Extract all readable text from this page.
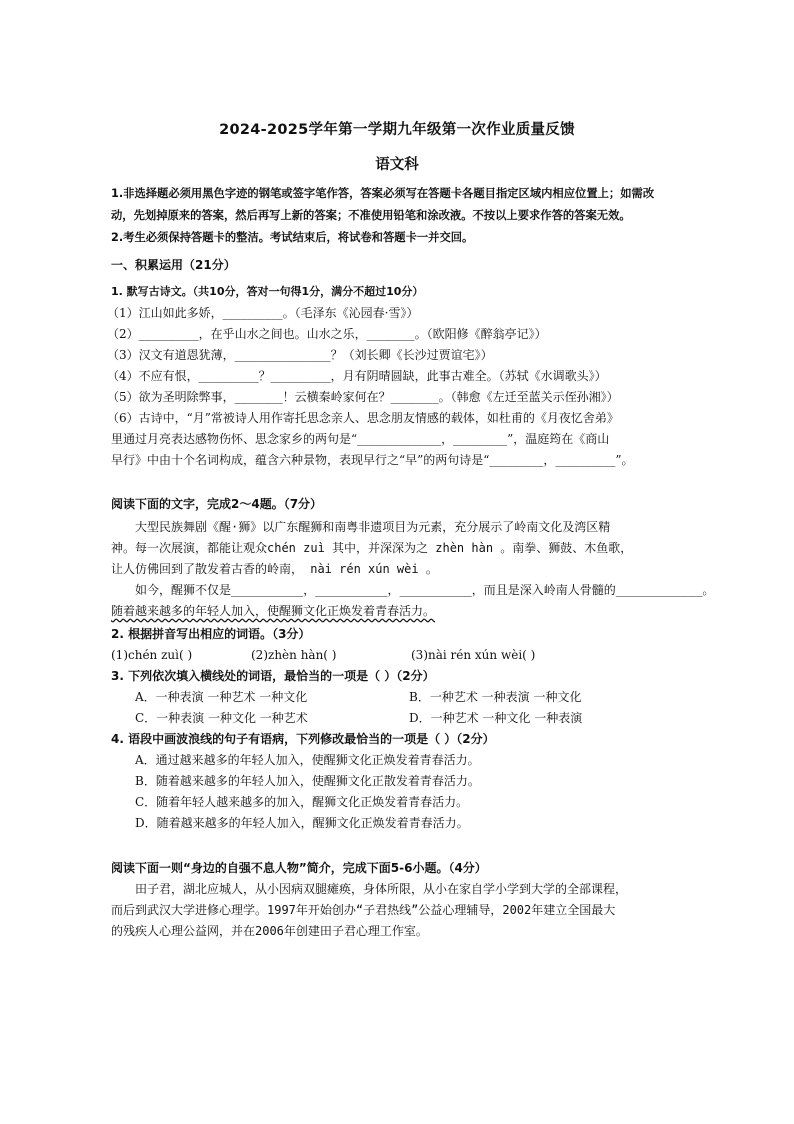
2024-2025学年第一学期九年级第一次作业质量反馈
语文科

1.非选择题必须用黑色字迹的钢笔或签字笔作答，答案必须写在答题卡各题目指定区域内相应位置上；如需改

动，先划掉原来的答案，然后再写上新的答案；不准使用铅笔和涂改液。不按以上要求作答的答案无效。

2.考生必须保持答题卡的整洁。考试结束后，将试卷和答题卡一并交回。

一、积累运用（21分）
1. 默写古诗文。（共10分，答对一句得1分，满分不超过10分）
（1）江山如此多娇，__________。（毛泽东《沁园春·雪》）
（2）__________，在乎山水之间也。山水之乐，________。（欧阳修《醉翁亭记》）
（3）汉文有道恩犹薄，________________？（刘长卿《长沙过贾谊宅》）
（4）不应有恨，__________？__________，月有阴晴圆缺，此事古难全。（苏轼《水调歌头》）
（5）欲为圣明除弊事，________！云横秦岭家何在？________。（韩愈《左迁至蓝关示侄孙湘》）
（6）古诗中，“月”常被诗人用作寄托思念亲人、思念朋友情感的载体，如杜甫的《月夜忆舍弟》
里通过月亮表达感物伤怀、思念家乡的两句是“______________，_________”，温庭筠在《商山
早行》中由十个名词构成，蕴含六种景物，表现早行之“早”的两句诗是“_________，__________”。
阅读下面的文字，完成2～4题。（7分）
大型民族舞剧《醒·狮》以广东醒狮和南粤非遗项目为元素，充分展示了岭南文化及湾区精
神。每一次展演，都能让观众chén zuì 其中，并深深为之 zhèn hàn 。南拳、狮鼓、木鱼歌，
让人仿佛回到了散发着古香的岭南， nài rén xún wèi 。
如今，醒狮不仅是__________，__________，__________，而且是深入岭南人骨髓的____________。
随着越来越多的年轻人加入，使醒狮文化正焕发着青春活力。
2. 根据拼音写出相应的词语。（3分）
(1)chén zuì( )	(2)zhèn hàn( )	(3)nài rén xún wèi( )
3. 下列依次填入横线处的词语，最恰当的一项是（ ）（2分）
A．一种表演 一种艺术 一种文化	B．一种艺术 一种表演 一种文化
C．一种表演 一种文化 一种艺术	D．一种艺术 一种文化 一种表演
4. 语段中画波浪线的句子有语病，下列修改最恰当的一项是（ ）（2分）
A．通过越来越多的年轻人加入，使醒狮文化正焕发着青春活力。
B．随着越来越多的年轻人加入，使醒狮文化正散发着青春活力。
C．随着年轻人越来越多的加入，醒狮文化正焕发着青春活力。
D．随着越来越多的年轻人加入，醒狮文化正焕发着青春活力。
阅读下面一则“身边的自强不息人物”简介，完成下面5-6小题。（4分）
田子君，湖北应城人，从小因病双腿瘫痪，身体所限，从小在家自学小学到大学的全部课程，
而后到武汉大学进修心理学。1997年开始创办“子君热线”公益心理辅导，2002年建立全国最大
的残疾人心理公益网，并在2006年创建田子君心理工作室。
